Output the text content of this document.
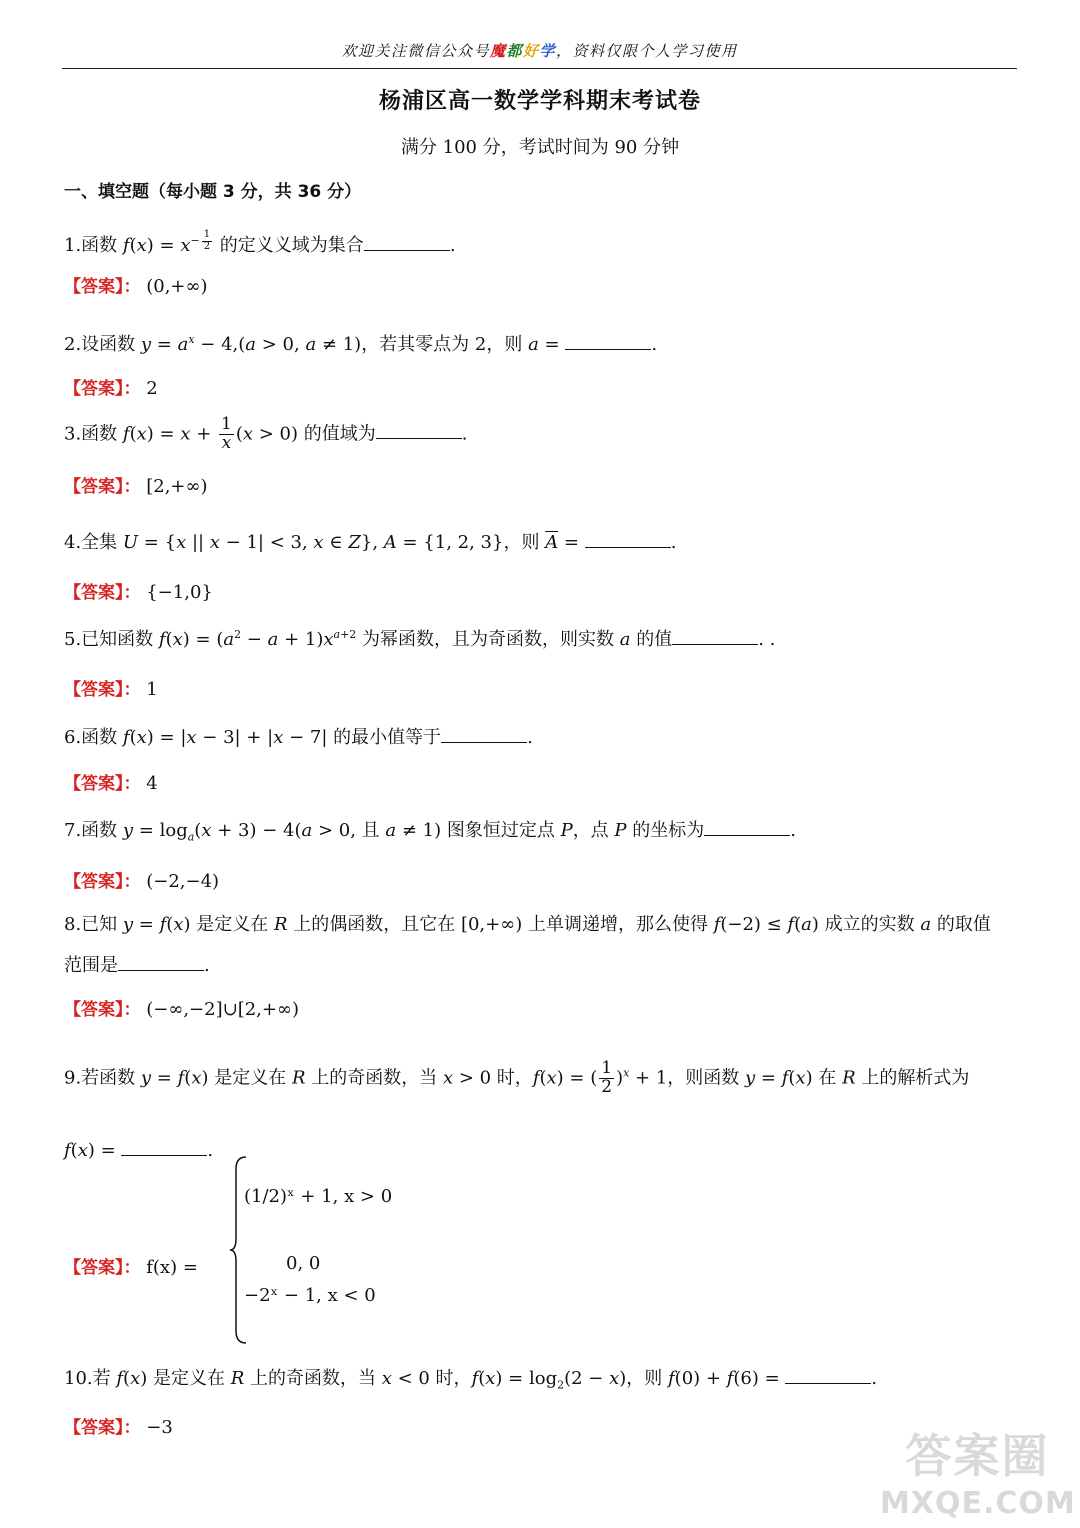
欢迎关注微信公众号魔都好学，资料仅限个人学习使用
杨浦区高一数学学科期末考试卷
满分 100 分，考试时间为 90 分钟
一、填空题（每小题 3 分，共 36 分）
1.函数 $f(x) = x^{- \frac{1}{2}}$ 的定义义域为集合	.
【答案】： (0,+∞)
2.设函数 $y = a^x - 4,(a > 0$, a ≠ 1)，若其零点为 2，则 a =	.
【答案】： 2
3.函数 $f(x) = x + \frac{1}{x} (x > 0)$ 的值域为	.
【答案】： [2,+∞)
4.全集 U = {x || x − 1| < 3, x ∈ Z}, A = {1, 2, 3}，则 $\overline{A}$ =	.
【答案】： {−1,0}
5.已知函数 $f(x) = (a^2 - a + 1)x^{a+2}$ 为幂函数，且为奇函数，则实数 a 的值	. .
【答案】： 1
6.函数 f(x) = |x − 3| + |x − 7| 的最小值等于	.
【答案】： 4
7.函数 $y = \log_a(x + 3) - 4(a > 0$, 且 a ≠ 1) 图象恒过定点 P，点 P 的坐标为	.
【答案】： (−2,−4)
8.已知 y = f(x) 是定义在 R 上的偶函数，且它在 [0,+∞) 上单调递增，那么使得 f(−2) ≤ f(a) 成立的实数 a 的取值
范围是	.
【答案】： (−∞,−2]∪[2,+∞)
9.若函数 y = f(x) 是定义在 R 上的奇函数，当 x > 0 时，f(x) = ( $\frac{1}{2} )^x + 1$，则函数 y = f(x) 在 R 上的解析式为
f(x) =	.
【答案】： f(x) =
(1/2)ˣ + 1, x > 0
0, 0
−2ˣ − 1, x < 0
10.若 f(x) 是定义在 R 上的奇函数，当 x < 0 时，$f(x) = \log_2(2 - x)$，则 f(0) + f(6) =	.
【答案】： −3
答案圈
MXQE.COM
